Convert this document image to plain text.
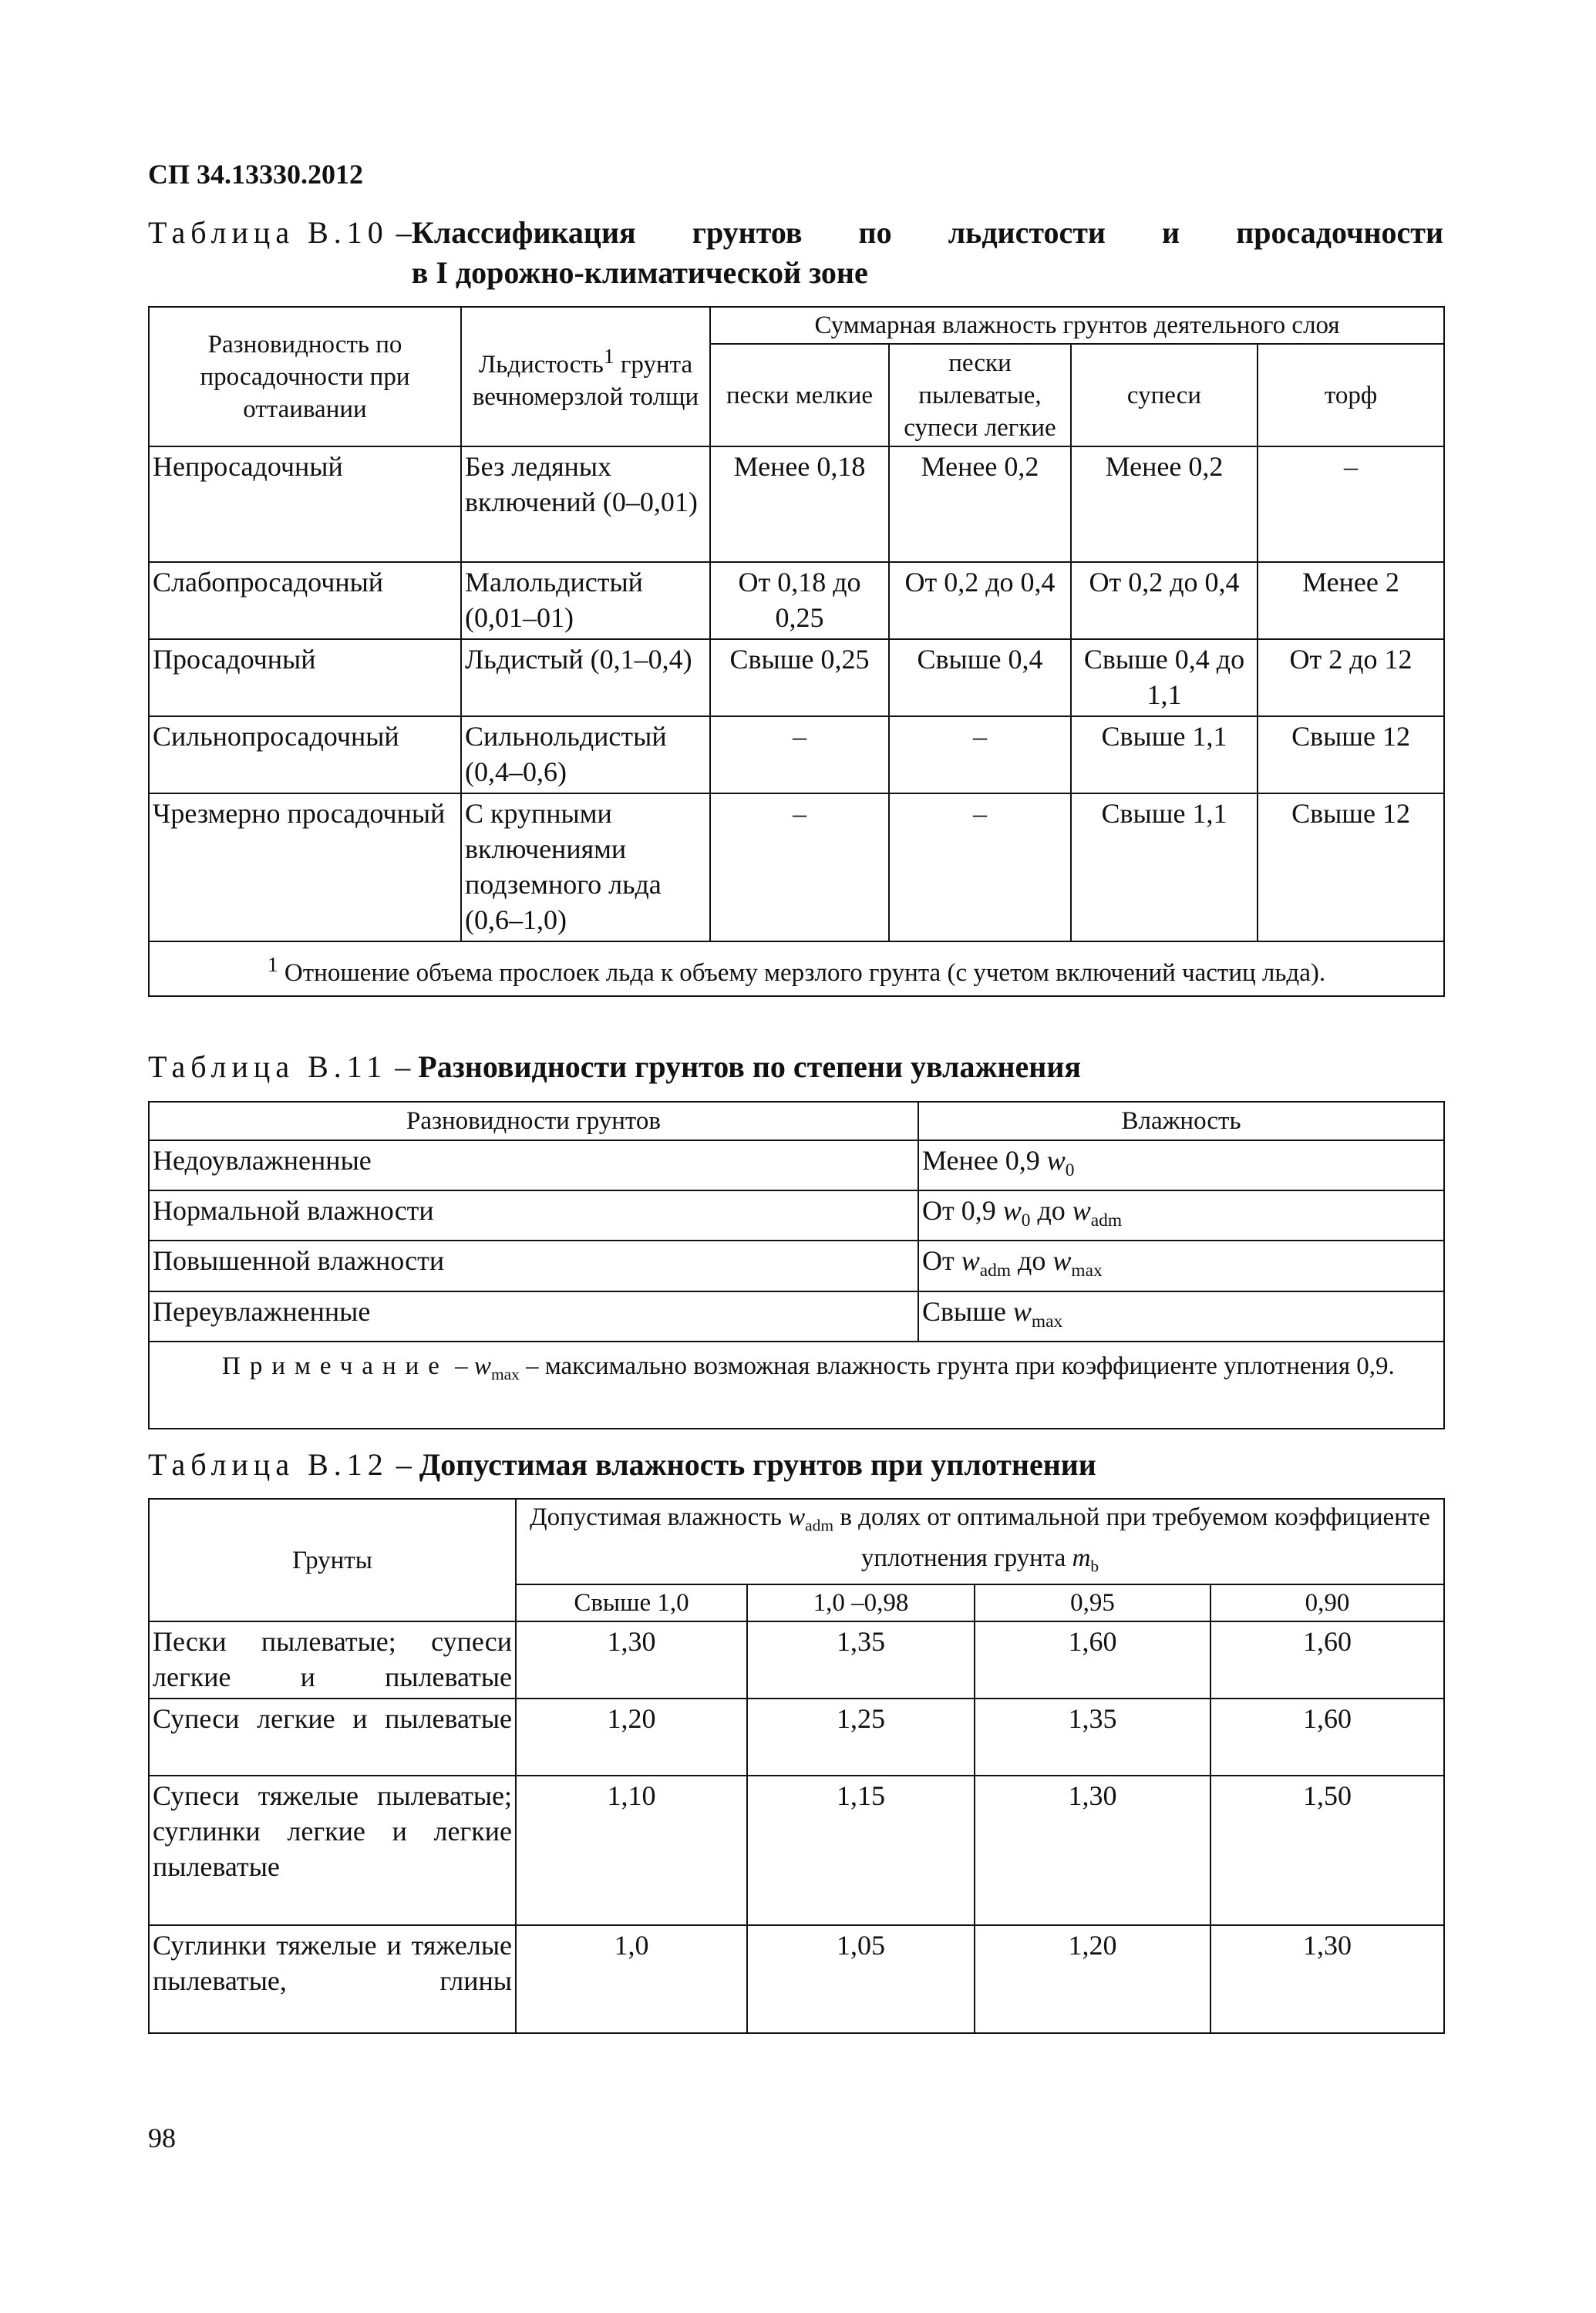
СП 34.13330.2012
Таблица В.10 – Классификация грунтов по льдистости и просадочности
в I дорожно-климатической зоне
Разновидность по просадочности при оттаивании	Льдистость$^1$ грунта вечномерзлой толщи	Суммарная влажность грунтов деятельного слоя			
		пески мелкие	пески пылеватые, супеси легкие	супеси	торф
Непросадочный	Без ледяных включений (0–0,01)	Менее 0,18	Менее 0,2	Менее 0,2	–
Слабопросадочный	Малольдистый (0,01–01)	От 0,18 до 0,25	От 0,2 до 0,4	От 0,2 до 0,4	Менее 2
Просадочный	Льдистый (0,1–0,4)	Свыше 0,25	Свыше 0,4	Свыше 0,4 до 1,1	От 2 до 12
Сильнопросадочный	Сильнольдистый (0,4–0,6)	–	–	Свыше 1,1	Свыше 12
Чрезмерно просадочный	С крупными включениями подземного льда (0,6–1,0)	–	–	Свыше 1,1	Свыше 12
$^1$ Отношение объема прослоек льда к объему мерзлого грунта (с учетом включений частиц льда).					
Таблица В.11 – Разновидности грунтов по степени увлажнения
Разновидности грунтов	Влажность
Недоувлажненные	Менее 0,9 $w_0$
Нормальной влажности	От 0,9 $w_0$ до $w_{adm}$
Повышенной влажности	От $w_{adm}$ до $w_{max}$
Переувлажненные	Свыше $w_{max}$
Примечание – $w_{max}$ – максимально возможная влажность грунта при коэффициенте уплотнения 0,9.	
Таблица В.12 – Допустимая влажность грунтов при уплотнении
Грунты	Допустимая влажность $w_{adm}$ в долях от оптимальной при требуемом коэффициенте уплотнения грунта $m_b$
	Свыше 1,0	1,0 –0,98	0,95	0,90
Пески пылеватые; супеси легкие и пылеватые	1,30	1,35	1,60	1,60
Супеси легкие и пылеватые	1,20	1,25	1,35	1,60
Супеси тяжелые пылеватые; суглинки легкие и легкие пылеватые	1,10	1,15	1,30	1,50
Суглинки тяжелые и тяжелые пылеватые, глины	1,0	1,05	1,20	1,30
98
